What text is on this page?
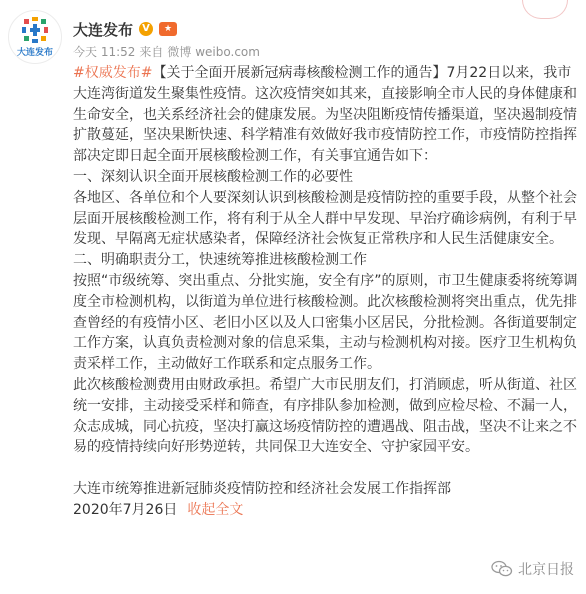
大连发布
大连发布 V	★
今天 11:52 来自 微博 weibo.com

#权威发布#【关于全面开展新冠病毒核酸检测工作的通告】7月22日以来，我市大连湾街道发生聚集性疫情。这次疫情突如其来，直接影响全市人民的身体健康和生命安全，也关系经济社会的健康发展。为坚决阻断疫情传播渠道，坚决遏制疫情扩散蔓延，坚决果断快速、科学精准有效做好我市疫情防控工作，市疫情防控指挥部决定即日起全面开展核酸检测工作，有关事宜通告如下：

一、深刻认识全面开展核酸检测工作的必要性

各地区、各单位和个人要深刻认识到核酸检测是疫情防控的重要手段，从整个社会层面开展核酸检测工作，将有利于从全人群中早发现、早治疗确诊病例，有利于早发现、早隔离无症状感染者，保障经济社会恢复正常秩序和人民生活健康安全。

二、明确职责分工，快速统筹推进核酸检测工作

按照“市级统筹、突出重点、分批实施，安全有序”的原则，市卫生健康委将统筹调度全市检测机构，以街道为单位进行核酸检测。此次核酸检测将突出重点，优先排查曾经的有疫情小区、老旧小区以及人口密集小区居民，分批检测。各街道要制定工作方案，认真负责检测对象的信息采集，主动与检测机构对接。医疗卫生机构负责采样工作，主动做好工作联系和定点服务工作。

此次核酸检测费用由财政承担。希望广大市民朋友们，打消顾虑，听从街道、社区统一安排，主动接受采样和筛查，有序排队参加检测，做到应检尽检、不漏一人，众志成城，同心抗疫，坚决打赢这场疫情防控的遭遇战、阻击战，坚决不让来之不易的疫情持续向好形势逆转，共同保卫大连安全、守护家园平安。

大连市统筹推进新冠肺炎疫情防控和经济社会发展工作指挥部

2020年7月26日 收起全文
北京日报
